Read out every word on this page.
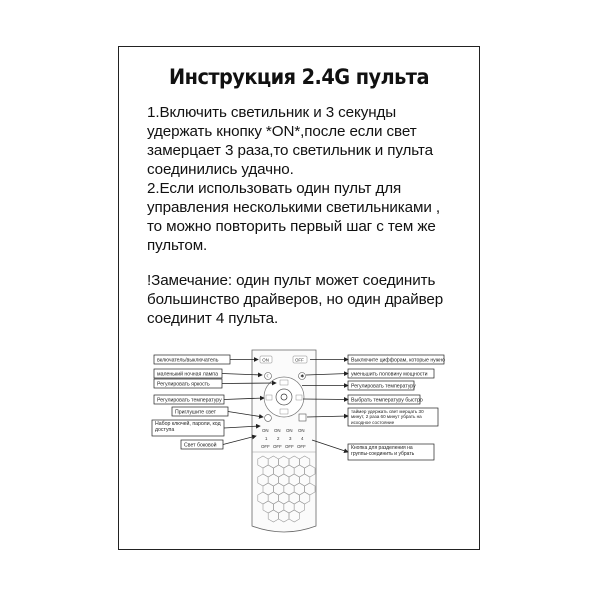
Инструкция 2.4G пульта

1.Включить светильник и 3 секунды

удержать кнопку *ON*,после если свет

замерцает 3 раза,то светильник и пульта

соединились удачно.

2.Если использовать один пульт для

управления несколькими светильниками ,

то можно повторить первый шаг с тем же

пультом.

!Замечание: один пульт может соединить

большинство драйверов, но один драйвер

соединит 4 пульта.

ON	OFF
☾	✱
ON ON ON ON
1 2 3 4
OFF OFF OFF OFF
включатель/выключатель
маленький ночная лампа
Регулировать яркость
Регулировать температуру
Приглушите свет
Набор ключей, пароли, код доступа
Свет боковой
Выключите циффорам, которые нужно
уменьшить половину мощности
Регулировать температуру
Выбрать температуру быстро
таймер удержать свет мерцать 30 минут, 2 раза 60 минут убрать на исходное состояние
Кнопка для разделения на группы-соединить и убрать
